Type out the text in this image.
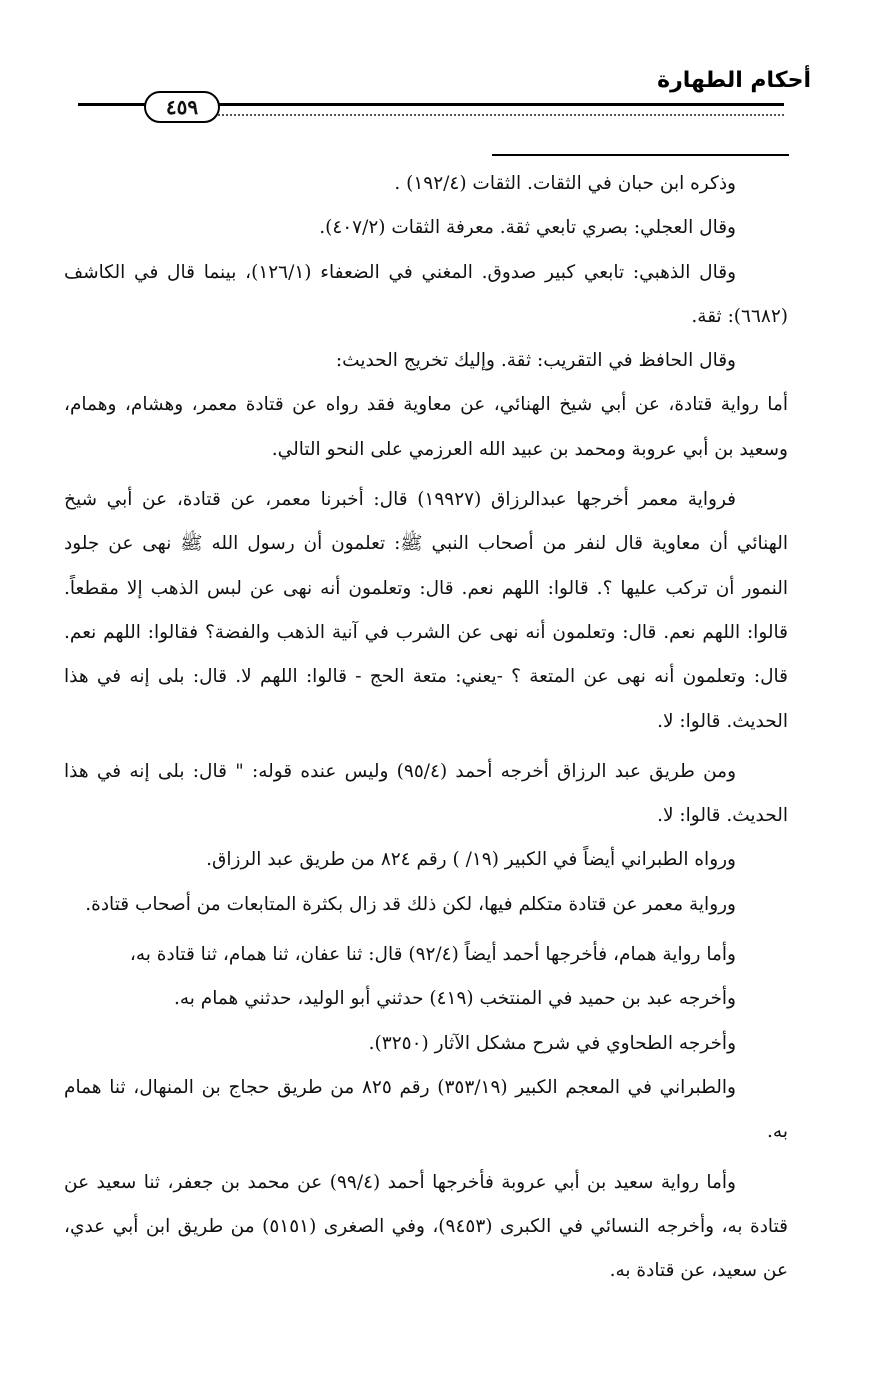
أحكام الطهارة
٤٥٩

وذكره ابن حبان في الثقات. الثقات (١٩٢/٤) .

وقال العجلي: بصري تابعي ثقة. معرفة الثقات (٤٠٧/٢).

وقال الذهبي: تابعي كبير صدوق. المغني في الضعفاء (١٢٦/١)، بينما قال في الكاشف (٦٦٨٢): ثقة.

وقال الحافظ في التقريب: ثقة. وإليك تخريج الحديث:

أما رواية قتادة، عن أبي شيخ الهنائي، عن معاوية فقد رواه عن قتادة معمر، وهشام، وهمام، وسعيد بن أبي عروبة ومحمد بن عبيد الله العرزمي على النحو التالي.

فرواية معمر أخرجها عبدالرزاق (١٩٩٢٧) قال: أخبرنا معمر، عن قتادة، عن أبي شيخ الهنائي أن معاوية قال لنفر من أصحاب النبي ﷺ: تعلمون أن رسول الله ﷺ نهى عن جلود النمور أن تركب عليها ؟. قالوا: اللهم نعم. قال: وتعلمون أنه نهى عن لبس الذهب إلا مقطعاً. قالوا: اللهم نعم. قال: وتعلمون أنه نهى عن الشرب في آنية الذهب والفضة؟ فقالوا: اللهم نعم. قال: وتعلمون أنه نهى عن المتعة ؟ -يعني: متعة الحج - قالوا: اللهم لا. قال: بلى إنه في هذا الحديث. قالوا: لا.

ومن طريق عبد الرزاق أخرجه أحمد (٩٥/٤) وليس عنده قوله: " قال: بلى إنه في هذا الحديث. قالوا: لا.

ورواه الطبراني أيضاً في الكبير (١٩/ ) رقم ٨٢٤ من طريق عبد الرزاق.

ورواية معمر عن قتادة متكلم فيها، لكن ذلك قد زال بكثرة المتابعات من أصحاب قتادة.

وأما رواية همام، فأخرجها أحمد أيضاً (٩٢/٤) قال: ثنا عفان، ثنا همام، ثنا قتادة به،

وأخرجه عبد بن حميد في المنتخب (٤١٩) حدثني أبو الوليد، حدثني همام به.

وأخرجه الطحاوي في شرح مشكل الآثار (٣٢٥٠).

والطبراني في المعجم الكبير (٣٥٣/١٩) رقم ٨٢٥ من طريق حجاج بن المنهال، ثنا همام به.

وأما رواية سعيد بن أبي عروبة فأخرجها أحمد (٩٩/٤) عن محمد بن جعفر، ثنا سعيد عن قتادة به، وأخرجه النسائي في الكبرى (٩٤٥٣)، وفي الصغرى (٥١٥١) من طريق ابن أبي عدي، عن سعيد، عن قتادة به.
